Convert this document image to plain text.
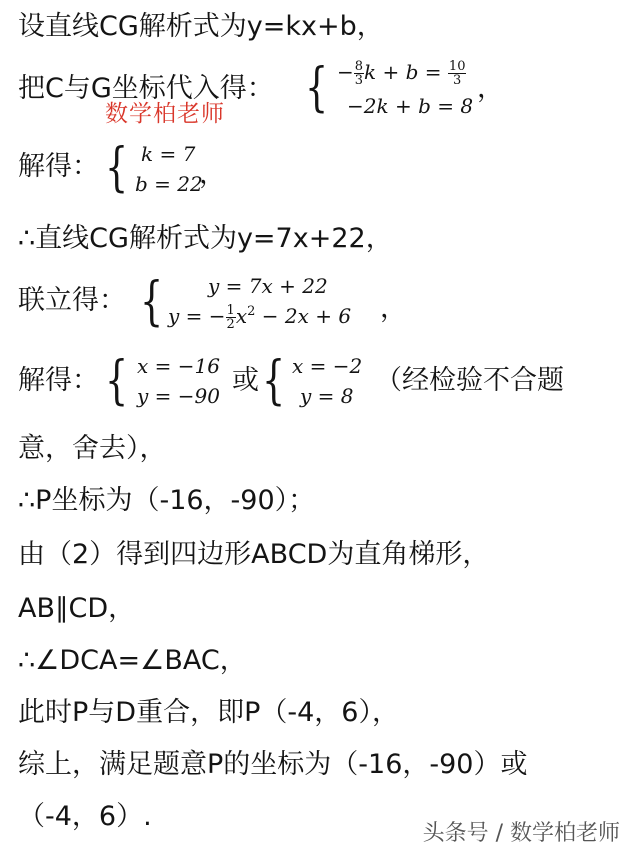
设直线CG解析式为y=kx+b，
把C与G坐标代入得： { − $\frac{8}{3}$ $k + b = \frac{10}{3}$
−2k + b = 8
，
数学柏老师
解得： { k = 7
b = 22
，
∴直线CG解析式为y=7x+22，
联立得： { y = 7x + 22
y = − $\frac{1}{2} x^2 - 2x + 6$ ，
解得： { x = −16
y = −90 或 { x = −2
y = 8 （经检验不合题
意，舍去），
∴P坐标为（-16，-90）；
由（2）得到四边形ABCD为直角梯形，
AB∥CD，
∴∠DCA=∠BAC，
此时P与D重合，即P（-4，6），
综上，满足题意P的坐标为（-16，-90）或
（-4，6）.
头条号 / 数学柏老师
